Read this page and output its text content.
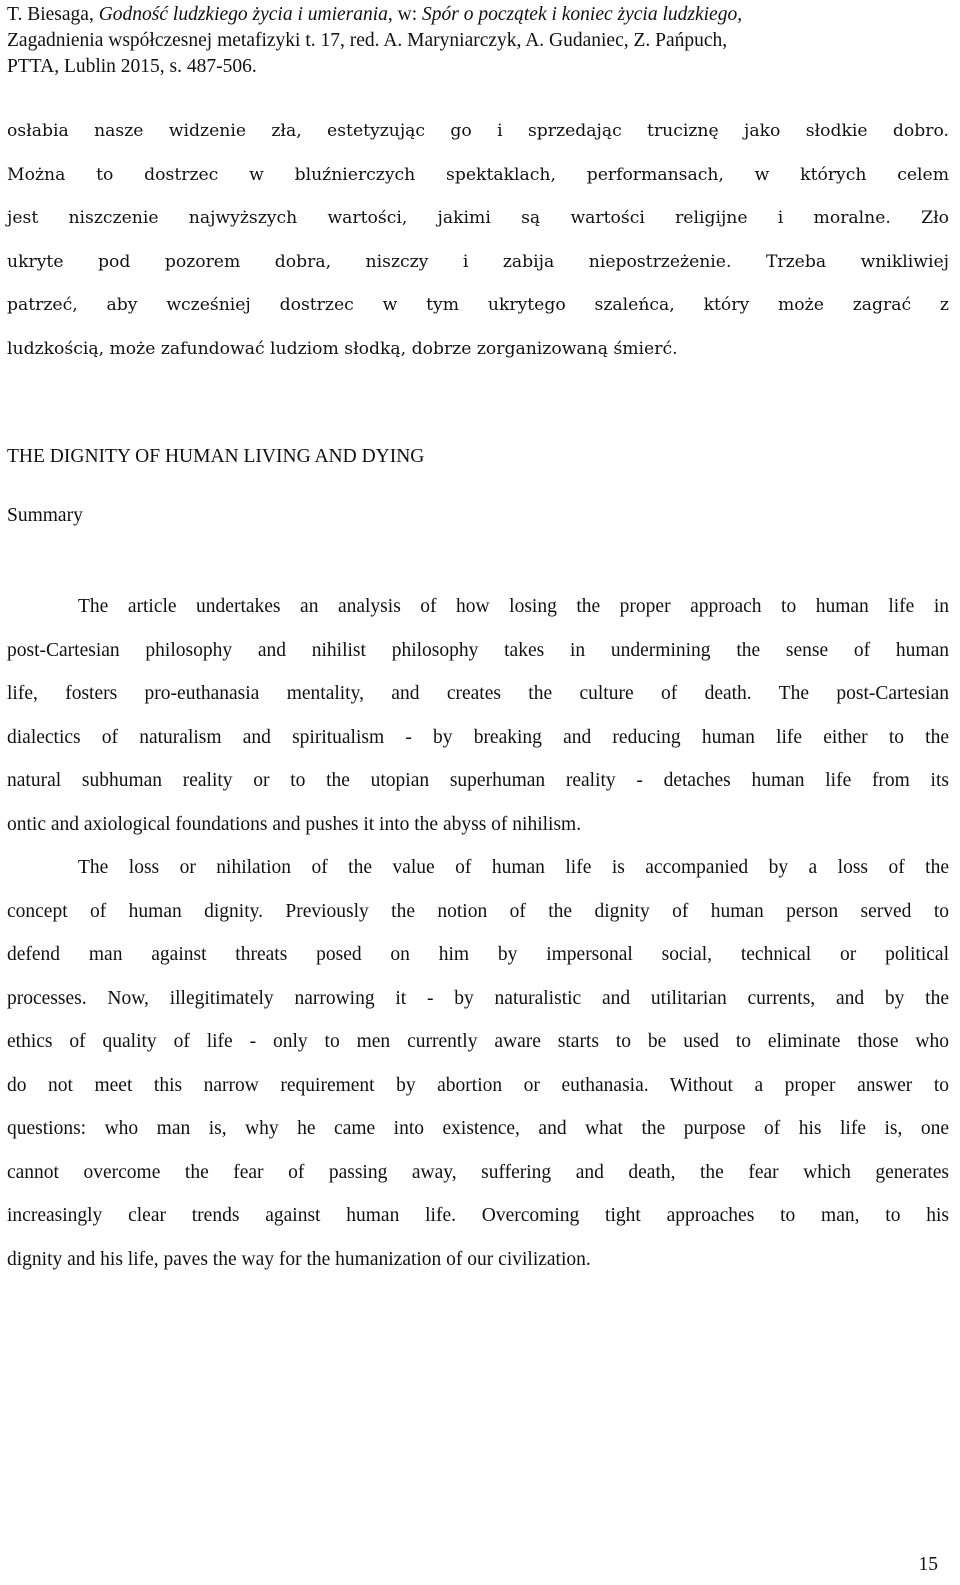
T. Biesaga, Godność ludzkiego życia i umierania, w: Spór o początek i koniec życia ludzkiego,
Zagadnienia współczesnej metafizyki t. 17, red. A. Maryniarczyk, A. Gudaniec, Z. Pańpuch,
PTTA, Lublin 2015, s. 487-506.

osłabia nasze widzenie zła, estetyzując go i sprzedając truciznę jako słodkie dobro.
Można to dostrzec w bluźnierczych spektaklach, performansach, w których celem
jest niszczenie najwyższych wartości, jakimi są wartości religijne i moralne. Zło
ukryte pod pozorem dobra, niszczy i zabija niepostrzeżenie. Trzeba wnikliwiej
patrzeć, aby wcześniej dostrzec w tym ukrytego szaleńca, który może zagrać z
ludzkością, może zafundować ludziom słodką, dobrze zorganizowaną śmierć.

THE DIGNITY OF HUMAN LIVING AND DYING

Summary

The article undertakes an analysis of how losing the proper approach to human life in
post-Cartesian philosophy and nihilist philosophy takes in undermining the sense of human
life, fosters pro-euthanasia mentality, and creates the culture of death. The post-Cartesian
dialectics of naturalism and spiritualism - by breaking and reducing human life either to the
natural subhuman reality or to the utopian superhuman reality - detaches human life from its
ontic and axiological foundations and pushes it into the abyss of nihilism.
The loss or nihilation of the value of human life is accompanied by a loss of the
concept of human dignity. Previously the notion of the dignity of human person served to
defend man against threats posed on him by impersonal social, technical or political
processes. Now, illegitimately narrowing it - by naturalistic and utilitarian currents, and by the
ethics of quality of life - only to men currently aware starts to be used to eliminate those who
do not meet this narrow requirement by abortion or euthanasia. Without a proper answer to
questions: who man is, why he came into existence, and what the purpose of his life is, one
cannot overcome the fear of passing away, suffering and death, the fear which generates
increasingly clear trends against human life. Overcoming tight approaches to man, to his
dignity and his life, paves the way for the humanization of our civilization.
15
